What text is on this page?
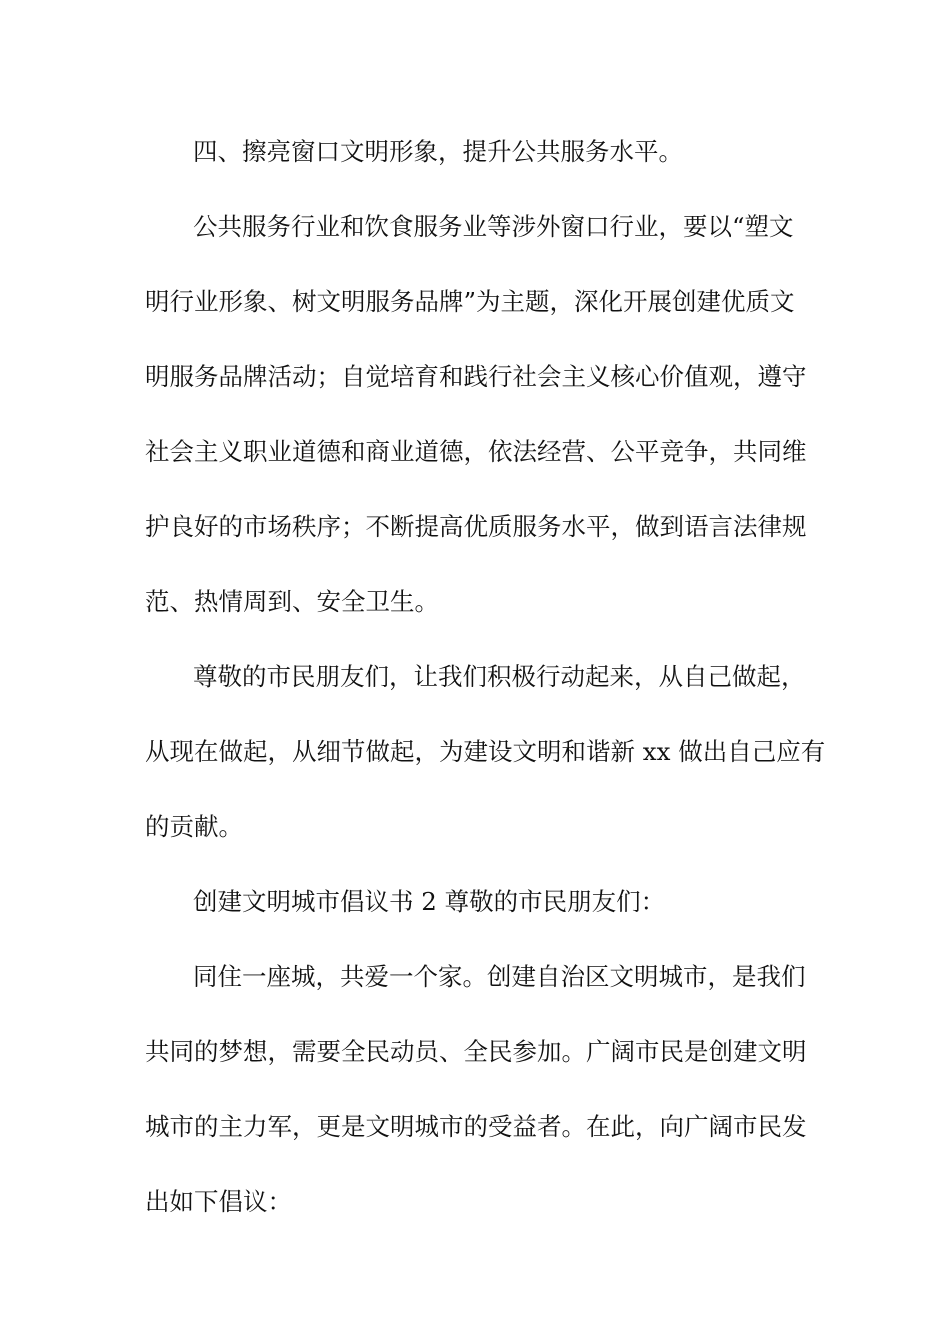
四、擦亮窗口文明形象，提升公共服务水平。

公共服务行业和饮食服务业等涉外窗口行业，要以“塑文

明行业形象、树文明服务品牌”为主题，深化开展创建优质文

明服务品牌活动；自觉培育和践行社会主义核心价值观，遵守

社会主义职业道德和商业道德，依法经营、公平竞争，共同维

护良好的市场秩序；不断提高优质服务水平，做到语言法律规

范、热情周到、安全卫生。

尊敬的市民朋友们，让我们积极行动起来，从自己做起，

从现在做起，从细节做起，为建设文明和谐新 xx 做出自己应有

的贡献。

创建文明城市倡议书 2 尊敬的市民朋友们：

同住一座城，共爱一个家。创建自治区文明城市，是我们

共同的梦想，需要全民动员、全民参加。广阔市民是创建文明

城市的主力军，更是文明城市的受益者。在此，向广阔市民发

出如下倡议：
